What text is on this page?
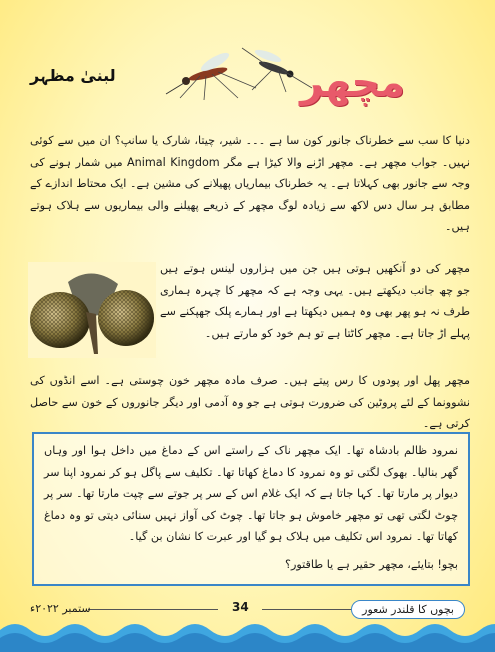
لبنیٰ مظہر	مچھر
دنیا کا سب سے خطرناک جانور کون سا ہے ۔۔۔ شیر، چیتا، شارک یا سانپ؟ ان میں سے کوئی نہیں۔ جواب مچھر ہے۔ مچھر اڑنے والا کیڑا ہے مگر Animal Kingdom میں شمار ہونے کی وجہ سے جانور بھی کہلاتا ہے۔ یہ خطرناک بیماریاں پھیلانے کی مشین ہے۔ ایک محتاط اندازے کے مطابق ہر سال دس لاکھ سے زیادہ لوگ مچھر کے ذریعے پھیلنے والی بیماریوں سے ہلاک ہوتے ہیں۔
مچھر کی دو آنکھیں ہوتی ہیں جن میں ہزاروں لینس ہوتے ہیں جو چھ جانب دیکھتے ہیں۔ یہی وجہ ہے کہ مچھر کا چہرہ ہماری طرف نہ ہو پھر بھی وہ ہمیں دیکھتا ہے اور ہمارے پلک جھپکنے سے پہلے اڑ جاتا ہے۔ مچھر کاٹتا ہے تو ہم خود کو مارتے ہیں۔
مچھر پھل اور پودوں کا رس پیتے ہیں۔ صرف مادہ مچھر خون چوستی ہے۔ اسے انڈوں کی نشوونما کے لئے پروٹین کی ضرورت ہوتی ہے جو وہ آدمی اور دیگر جانوروں کے خون سے حاصل کرتی ہے۔
نمرود ظالم بادشاہ تھا۔ ایک مچھر ناک کے راستے اس کے دماغ میں داخل ہوا اور وہاں گھر بنالیا۔ بھوک لگتی تو وہ نمرود کا دماغ کھاتا تھا۔ تکلیف سے پاگل ہو کر نمرود اپنا سر دیوار پر مارتا تھا۔ کہا جاتا ہے کہ ایک غلام اس کے سر پر جوتے سے چپت مارتا تھا۔ سر پر چوٹ لگتی تھی تو مچھر خاموش ہو جاتا تھا۔ چوٹ کی آواز نہیں سنائی دیتی تو وہ دماغ کھاتا تھا۔ نمرود اس تکلیف میں ہلاک ہو گیا اور عبرت کا نشان بن گیا۔
بچو! بتایئے، مچھر حقیر ہے یا طاقتور؟
ستمبر ۲۰۲۲ء	34	بچوں کا قلندر شعور
